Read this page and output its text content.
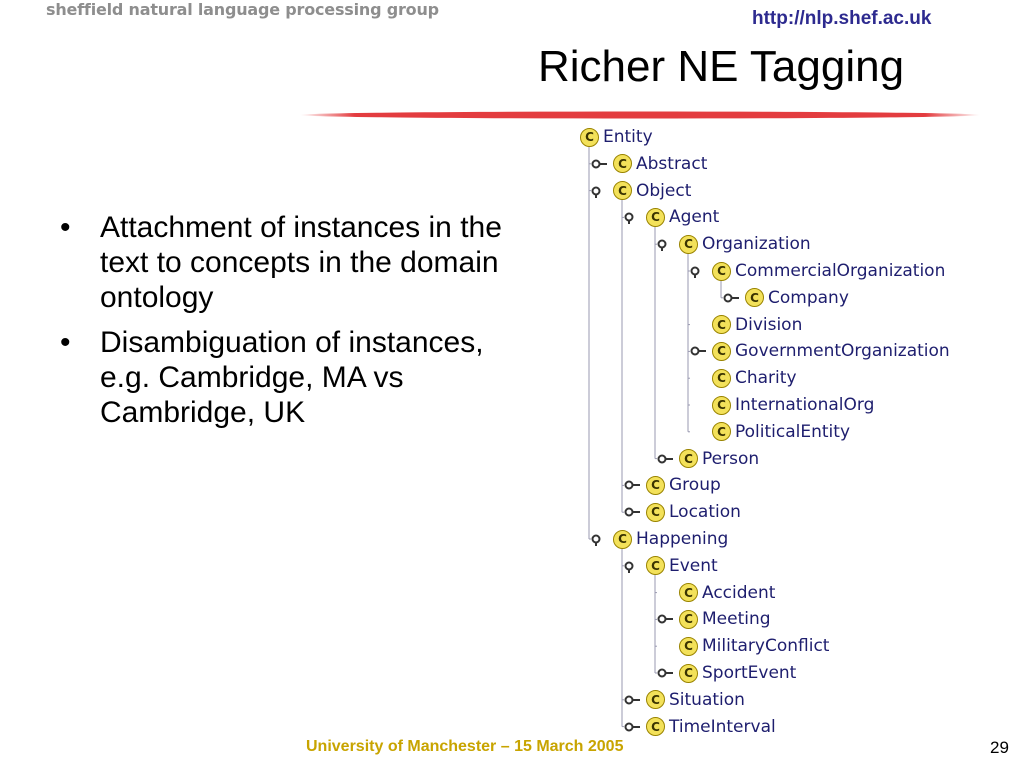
sheffield natural language processing group	http://nlp.shef.ac.uk
Richer NE Tagging
• Attachment of instances in the text to concepts in the domain ontology
• Disambiguation of instances, e.g. Cambridge, MA vs Cambridge, UK
C Entity
C Abstract
C Object
C Agent
C Organization
C CommercialOrganization
C Company
C Division
C GovernmentOrganization
C Charity
C InternationalOrg
C PoliticalEntity
C Person
C Group
C Location
C Happening
C Event
C Accident
C Meeting
C MilitaryConflict
C SportEvent
C Situation
C TimeInterval
University of Manchester – 15 March 2005	29
